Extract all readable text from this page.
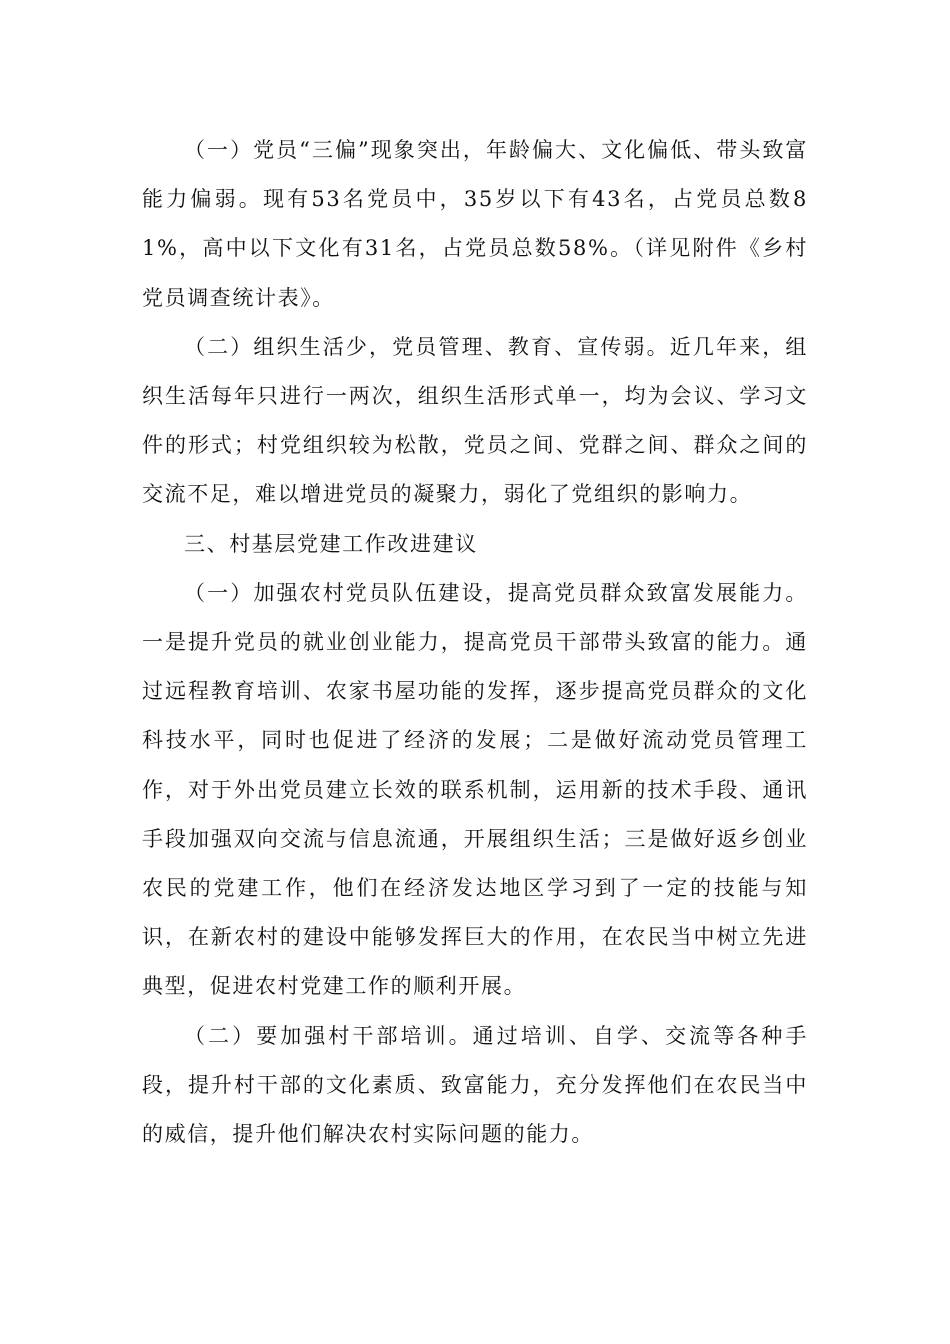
（一）党员“三偏”现象突出，年龄偏大、文化偏低、带头致富能力偏弱。现有53名党员中，35岁以下有43名，占党员总数81%，高中以下文化有31名，占党员总数58%。（详见附件《乡村党员调查统计表》。

（二）组织生活少，党员管理、教育、宣传弱。近几年来，组织生活每年只进行一两次，组织生活形式单一，均为会议、学习文件的形式；村党组织较为松散，党员之间、党群之间、群众之间的交流不足，难以增进党员的凝聚力，弱化了党组织的影响力。

三、村基层党建工作改进建议

（一）加强农村党员队伍建设，提高党员群众致富发展能力。一是提升党员的就业创业能力，提高党员干部带头致富的能力。通过远程教育培训、农家书屋功能的发挥，逐步提高党员群众的文化科技水平，同时也促进了经济的发展；二是做好流动党员管理工作，对于外出党员建立长效的联系机制，运用新的技术手段、通讯手段加强双向交流与信息流通，开展组织生活；三是做好返乡创业农民的党建工作，他们在经济发达地区学习到了一定的技能与知识，在新农村的建设中能够发挥巨大的作用，在农民当中树立先进典型，促进农村党建工作的顺利开展。

（二）要加强村干部培训。通过培训、自学、交流等各种手段，提升村干部的文化素质、致富能力，充分发挥他们在农民当中的威信，提升他们解决农村实际问题的能力。
